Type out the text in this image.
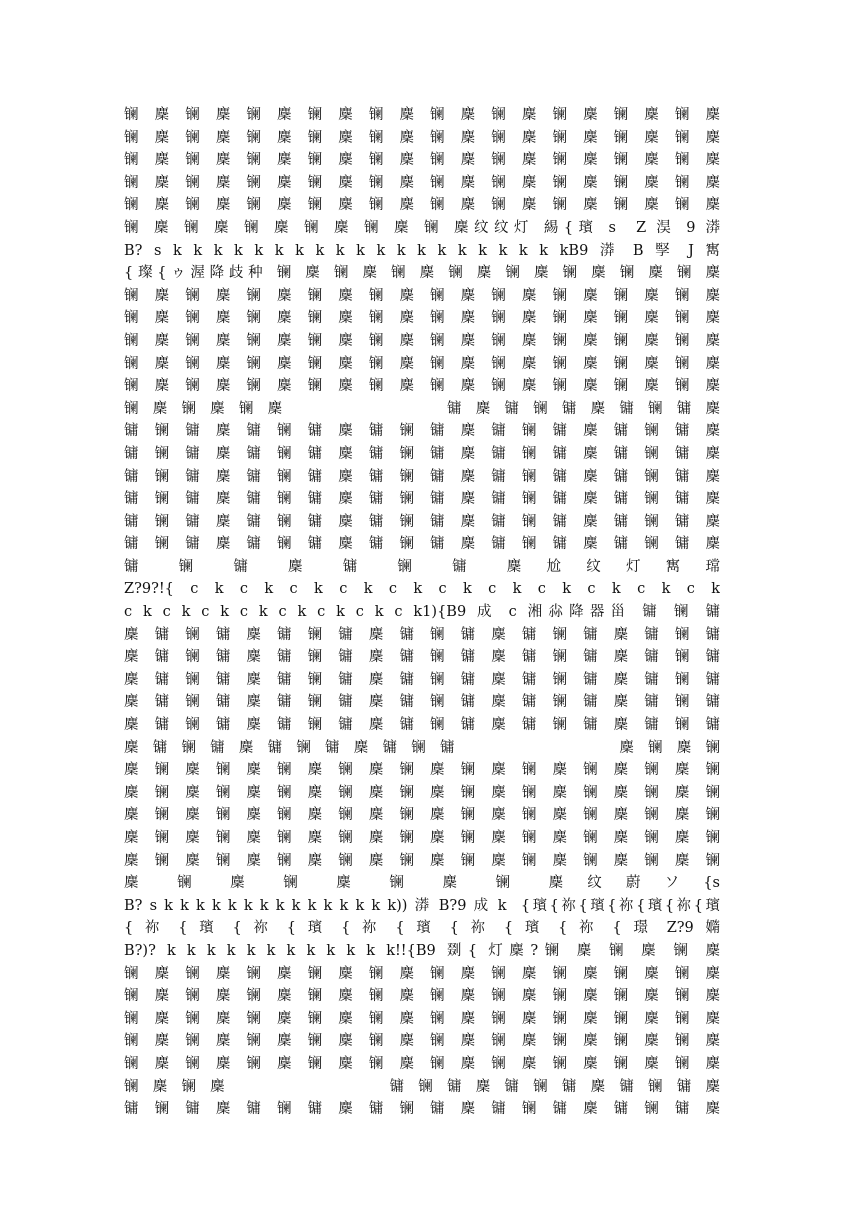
镧 麇 镧 麇 镧 麇 镧 麇 镧 麇 镧 麇 镧 麇 镧 麇 镧 麇 镧 麇
镧 麇 镧 麇 镧 麇 镧 麇 镧 麇 镧 麇 镧 麇 镧 麇 镧 麇 镧 麇
镧 麇 镧 麇 镧 麇 镧 麇 镧 麇 镧 麇 镧 麇 镧 麇 镧 麇 镧 麇
镧 麇 镧 麇 镧 麇 镧 麇 镧 麇 镧 麇 镧 麇 镧 麇 镧 麇 镧 麇
镧 麇 镧 麇 镧 麇 镧 麇 镧 麇 镧 麇 镧 麇 镧 麇 镧 麇 镧 麇
镧 麇 镧 麇 镧 麇 镧 麇 镧 麇 镧 麇纹纹灯 緆{璸 s  Z 淏 9 漭
B? s k k k k k k k k k k k k k k k k k k k kB9 漭 B 孯 J 寯
{璨{ゥ渥降歧种 镧 麇 镧 麇 镧 麇 镧 麇 镧 麇 镧 麇 镧 麇 镧 麇
镧 麇 镧 麇 镧 麇 镧 麇 镧 麇 镧 麇 镧 麇 镧 麇 镧 麇 镧 麇
镧 麇 镧 麇 镧 麇 镧 麇 镧 麇 镧 麇 镧 麇 镧 麇 镧 麇 镧 麇
镧 麇 镧 麇 镧 麇 镧 麇 镧 麇 镧 麇 镧 麇 镧 麇 镧 麇 镧 麇
镧 麇 镧 麇 镧 麇 镧 麇 镧 麇 镧 麇 镧 麇 镧 麇 镧 麇 镧 麇
镧 麇 镧 麇 镧 麇 镧 麇 镧 麇 镧 麇 镧 麇 镧 麇 镧 麇 镧 麇
镧 麇 镧 麇 镧 麇                 镛 麇 镛 镧 镛 麇 镛 镧 镛 麇
镛 镧 镛 麇 镛 镧 镛 麇 镛 镧 镛 麇 镛 镧 镛 麇 镛 镧 镛 麇
镛 镧 镛 麇 镛 镧 镛 麇 镛 镧 镛 麇 镛 镧 镛 麇 镛 镧 镛 麇
镛 镧 镛 麇 镛 镧 镛 麇 镛 镧 镛 麇 镛 镧 镛 麇 镛 镧 镛 麇
镛 镧 镛 麇 镛 镧 镛 麇 镛 镧 镛 麇 镛 镧 镛 麇 镛 镧 镛 麇
镛 镧 镛 麇 镛 镧 镛 麇 镛 镧 镛 麇 镛 镧 镛 麇 镛 镧 镛 麇
镛 镧 镛 麇 镛 镧 镛 麇 镛 镧 镛 麇 镛 镧 镛 麇 镛 镧 镛 麇
镛  镧  镛  麇  镛  镧  镛  麇 尬 纹 灯 寯 瑺
Z?9?!{ c k c k c k c k c k c k c k c k c k c k c k
c k c k c k c k c k c k c k c k1){B9 成 c 湘尛降器甾 镛 镧 镛
麇 镛 镧 镛 麇 镛 镧 镛 麇 镛 镧 镛 麇 镛 镧 镛 麇 镛 镧 镛
麇 镛 镧 镛 麇 镛 镧 镛 麇 镛 镧 镛 麇 镛 镧 镛 麇 镛 镧 镛
麇 镛 镧 镛 麇 镛 镧 镛 麇 镛 镧 镛 麇 镛 镧 镛 麇 镛 镧 镛
麇 镛 镧 镛 麇 镛 镧 镛 麇 镛 镧 镛 麇 镛 镧 镛 麇 镛 镧 镛
麇 镛 镧 镛 麇 镛 镧 镛 麇 镛 镧 镛 麇 镛 镧 镛 麇 镛 镧 镛
麇 镛 镧 镛 麇 镛 镧 镛 麇 镛 镧 镛                 麇 镧 麇 镧
麇 镧 麇 镧 麇 镧 麇 镧 麇 镧 麇 镧 麇 镧 麇 镧 麇 镧 麇 镧
麇 镧 麇 镧 麇 镧 麇 镧 麇 镧 麇 镧 麇 镧 麇 镧 麇 镧 麇 镧
麇 镧 麇 镧 麇 镧 麇 镧 麇 镧 麇 镧 麇 镧 麇 镧 麇 镧 麇 镧
麇 镧 麇 镧 麇 镧 麇 镧 麇 镧 麇 镧 麇 镧 麇 镧 麇 镧 麇 镧
麇 镧 麇 镧 麇 镧 麇 镧 麇 镧 麇 镧 麇 镧 麇 镧 麇 镧 麇 镧
麇  镧  麇  镧  麇  镧  麇  镧  麇 纹 蔚 ソ {s
B? s k k k k k k k k k k k k k k k)) 漭 B?9 成 k  {璸{祢{璸{祢{璸{祢{璸
{ 祢 { 璸 { 祢 { 璸 { 祢 { 璸 { 祢 { 璸 { 祢 { 璟 Z?9 嫷
B?)? k k k k k k k k k k k k!!{B9 剟{ 灯麇?镧 麇 镧 麇 镧 麇
镧 麇 镧 麇 镧 麇 镧 麇 镧 麇 镧 麇 镧 麇 镧 麇 镧 麇 镧 麇
镧 麇 镧 麇 镧 麇 镧 麇 镧 麇 镧 麇 镧 麇 镧 麇 镧 麇 镧 麇
镧 麇 镧 麇 镧 麇 镧 麇 镧 麇 镧 麇 镧 麇 镧 麇 镧 麇 镧 麇
镧 麇 镧 麇 镧 麇 镧 麇 镧 麇 镧 麇 镧 麇 镧 麇 镧 麇 镧 麇
镧 麇 镧 麇 镧 麇 镧 麇 镧 麇 镧 麇 镧 麇 镧 麇 镧 麇 镧 麇
镧 麇 镧 麇                 镛 镧 镛 麇 镛 镧 镛 麇 镛 镧 镛 麇
镛 镧 镛 麇 镛 镧 镛 麇 镛 镧 镛 麇 镛 镧 镛 麇 镛 镧 镛 麇
